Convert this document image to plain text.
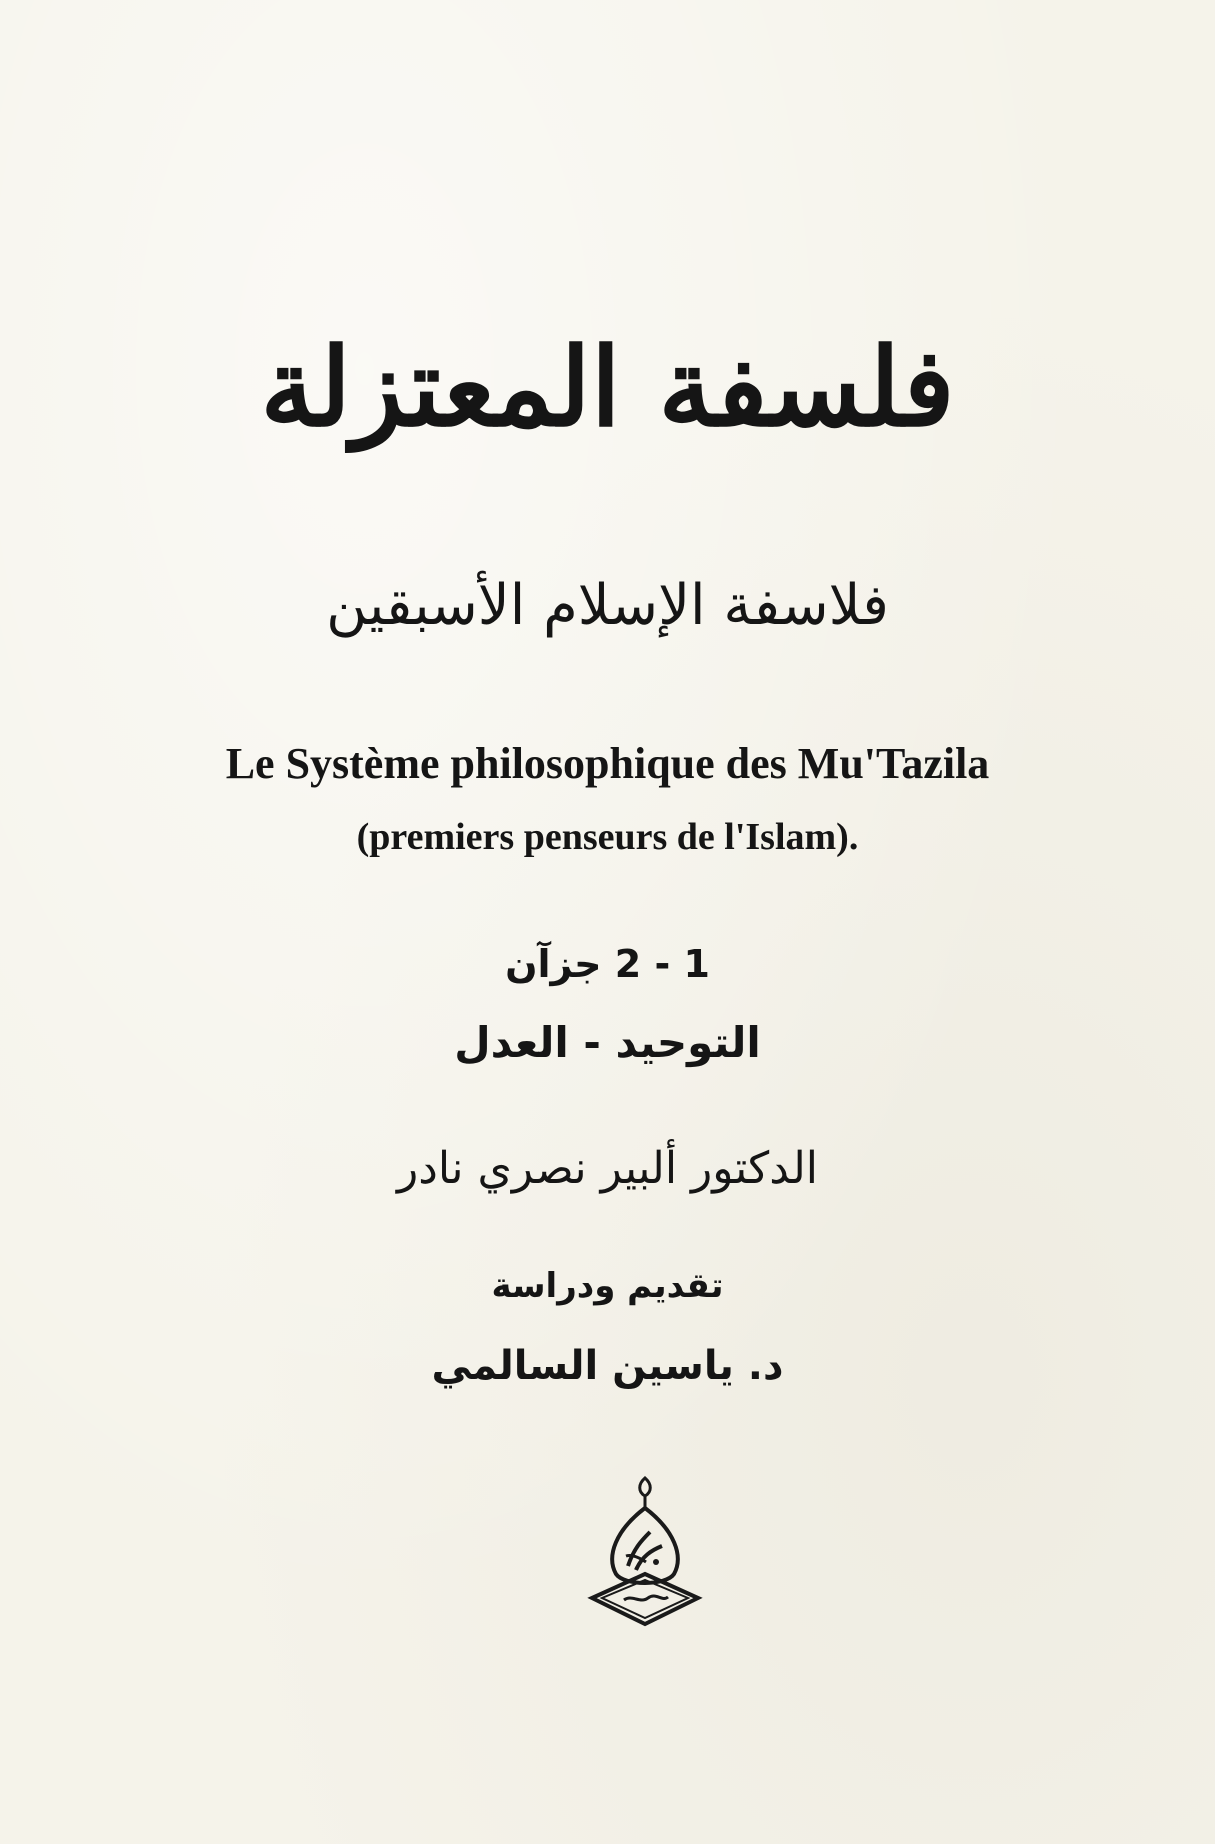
فلسفة المعتزلة
فلاسفة الإسلام الأسبقين
Le Système philosophique des Mu'Tazila
(premiers penseurs de l'Islam).
1 - 2 جزآن
التوحيد - العدل
الدكتور ألبير نصري نادر
تقديم ودراسة
د. ياسين السالمي
